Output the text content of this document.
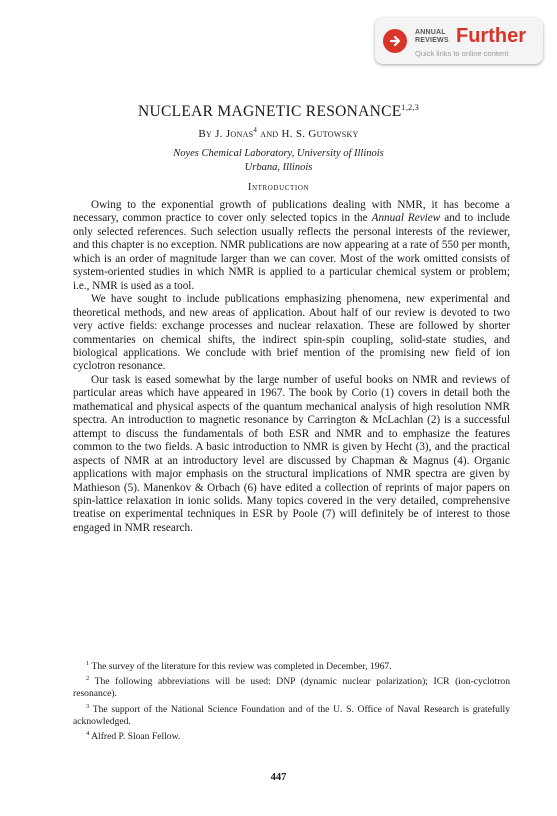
ANNUAL
REVIEWS Further
Quick links to online content
NUCLEAR MAGNETIC RESONANCE$^{1,2,3}$
By J. Jonas$^4$ and H. S. Gutowsky
Noyes Chemical Laboratory, University of Illinois
Urbana, Illinois
Introduction

Owing to the exponential growth of publications dealing with NMR, it has become a necessary, common practice to cover only selected topics in the Annual Review and to include only selected references. Such selection usually reflects the personal interests of the reviewer, and this chapter is no exception. NMR publications are now appearing at a rate of 550 per month, which is an order of magnitude larger than we can cover. Most of the work omitted consists of system-oriented studies in which NMR is applied to a particular chemical system or problem; i.e., NMR is used as a tool.

We have sought to include publications emphasizing phenomena, new experimental and theoretical methods, and new areas of application. About half of our review is devoted to two very active fields: exchange processes and nuclear relaxation. These are followed by shorter commentaries on chemical shifts, the indirect spin-spin coupling, solid-state studies, and biological applications. We conclude with brief mention of the promising new field of ion cyclotron resonance.

Our task is eased somewhat by the large number of useful books on NMR and reviews of particular areas which have appeared in 1967. The book by Corio (1) covers in detail both the mathematical and physical aspects of the quantum mechanical analysis of high resolution NMR spectra. An introduction to magnetic resonance by Carrington & McLachlan (2) is a successful attempt to discuss the fundamentals of both ESR and NMR and to emphasize the features common to the two fields. A basic introduction to NMR is given by Hecht (3), and the practical aspects of NMR at an introductory level are discussed by Chapman & Magnus (4). Organic applications with major emphasis on the structural implications of NMR spectra are given by Mathieson (5). Manenkov & Orbach (6) have edited a collection of reprints of major papers on spin-lattice relaxation in ionic solids. Many topics covered in the very detailed, comprehensive treatise on experimental techniques in ESR by Poole (7) will definitely be of interest to those engaged in NMR research.

$^1$ The survey of the literature for this review was completed in December, 1967.

$^2$ The following abbreviations will be used: DNP (dynamic nuclear polarization); ICR (ion-cyclotron resonance).

$^3$ The support of the National Science Foundation and of the U. S. Office of Naval Research is gratefully acknowledged.

$^4$ Alfred P. Sloan Fellow.

447
